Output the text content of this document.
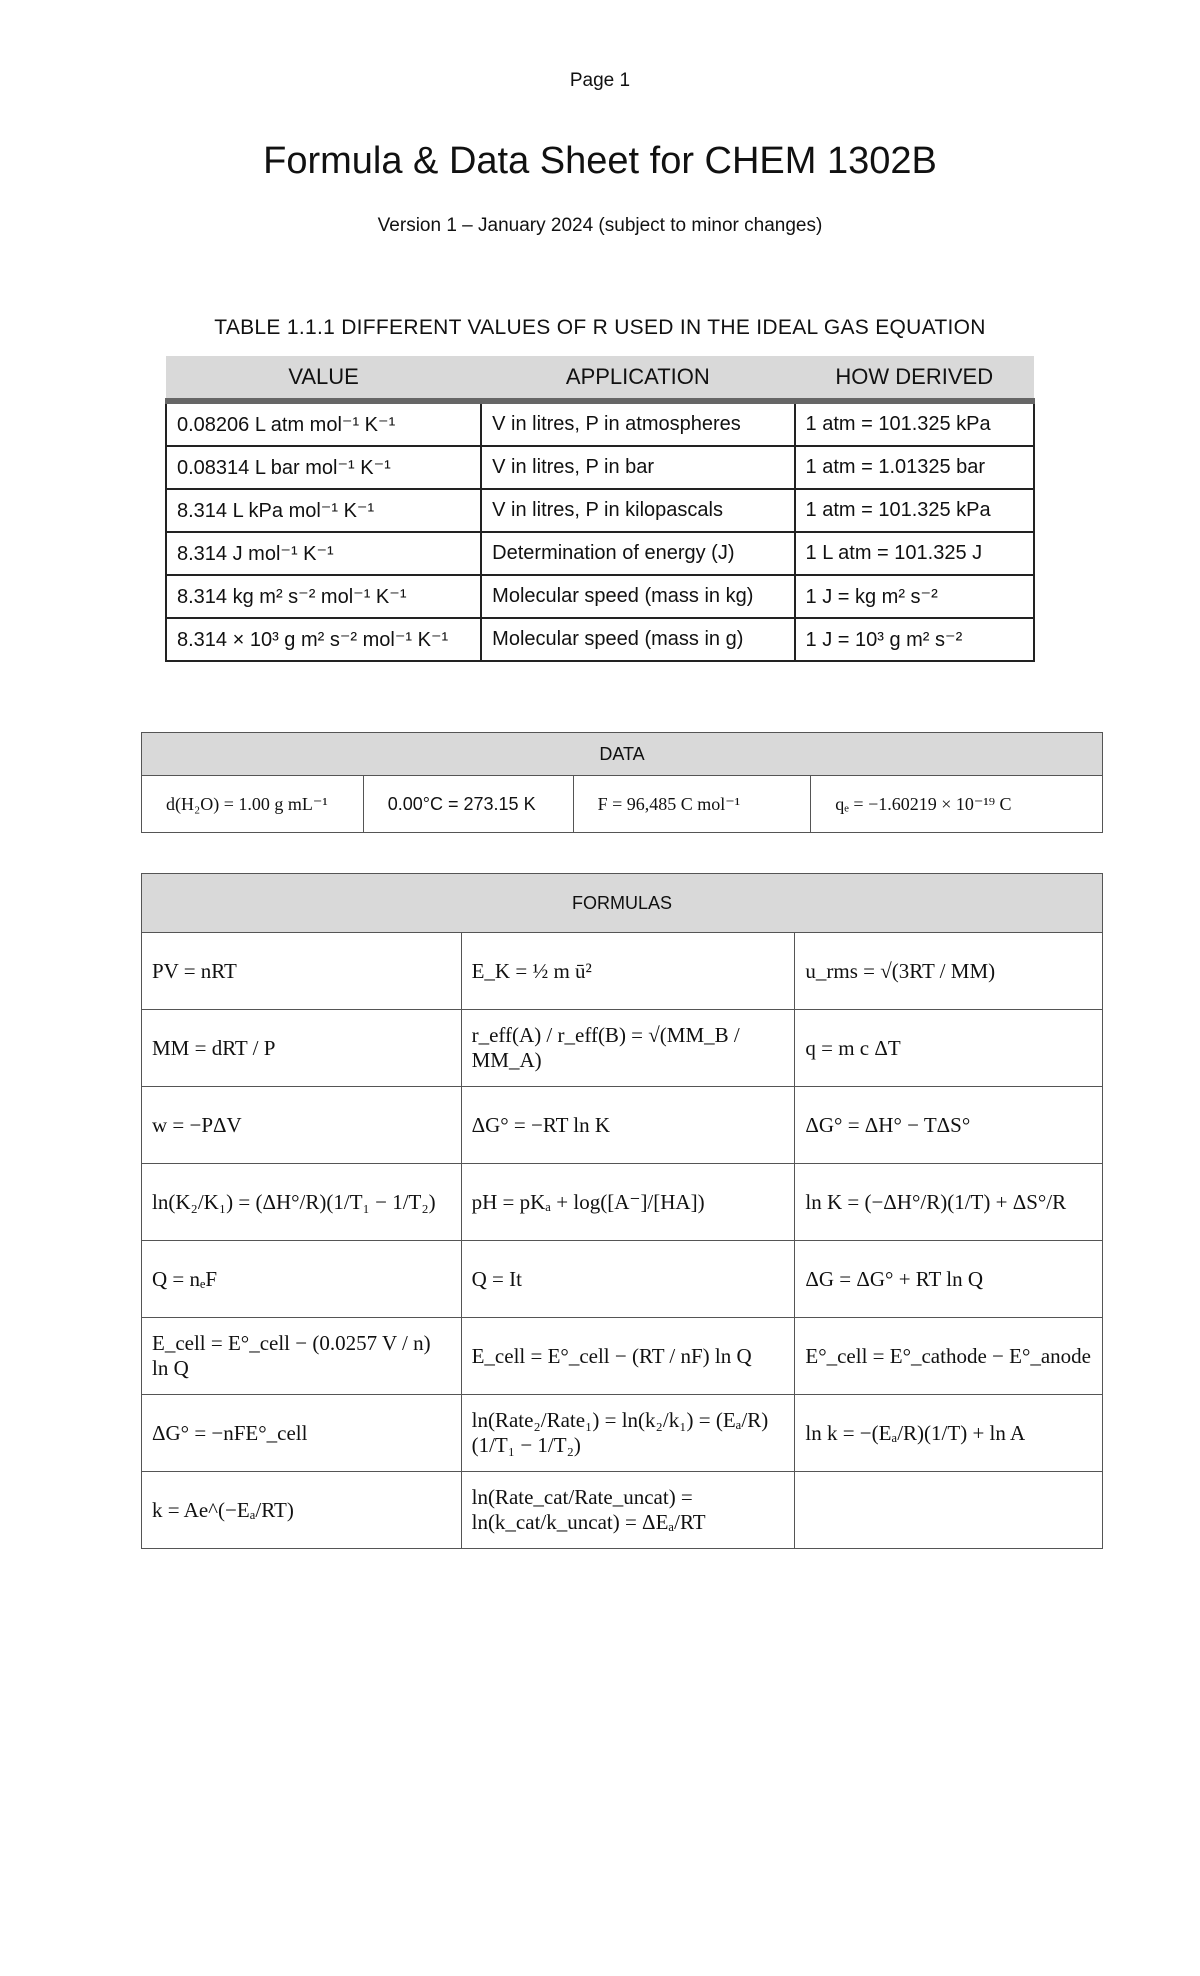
Page 1
Formula & Data Sheet for CHEM 1302B
Version 1 – January 2024 (subject to minor changes)
TABLE 1.1.1 DIFFERENT VALUES OF R USED IN THE IDEAL GAS EQUATION
VALUE	APPLICATION	HOW DERIVED
0.08206 L atm mol⁻¹ K⁻¹	V in litres, P in atmospheres	1 atm = 101.325 kPa
0.08314 L bar mol⁻¹ K⁻¹	V in litres, P in bar	1 atm = 1.01325 bar
8.314 L kPa mol⁻¹ K⁻¹	V in litres, P in kilopascals	1 atm = 101.325 kPa
8.314 J mol⁻¹ K⁻¹	Determination of energy (J)	1 L atm = 101.325 J
8.314 kg m² s⁻² mol⁻¹ K⁻¹	Molecular speed (mass in kg)	1 J = kg m² s⁻²
8.314 × 10³ g m² s⁻² mol⁻¹ K⁻¹	Molecular speed (mass in g)	1 J = 10³ g m² s⁻²
DATA
d(H₂O) = 1.00 g mL⁻¹	0.00°C = 273.15 K	F = 96,485 C mol⁻¹	qₑ = −1.60219 × 10⁻¹⁹ C
FORMULAS		
PV = nRT	E_K = ½ m ū²	u_rms = √(3RT / MM)
MM = dRT / P	r_eff(A) / r_eff(B) = √(MM_B / MM_A)	q = m c ΔT
w = −PΔV	ΔG° = −RT ln K	ΔG° = ΔH° − TΔS°
ln(K₂/K₁) = (ΔH°/R)(1/T₁ − 1/T₂)	pH = pKₐ + log([A⁻]/[HA])	ln K = (−ΔH°/R)(1/T) + ΔS°/R
Q = nₑF	Q = It	ΔG = ΔG° + RT ln Q
E_cell = E°_cell − (0.0257 V / n) ln Q	E_cell = E°_cell − (RT / nF) ln Q	E°_cell = E°_cathode − E°_anode
ΔG° = −nFE°_cell	ln(Rate₂/Rate₁) = ln(k₂/k₁) = (Eₐ/R)(1/T₁ − 1/T₂)	ln k = −(Eₐ/R)(1/T) + ln A
k = Ae^(−Eₐ/RT)	ln(Rate_cat/Rate_uncat) = ln(k_cat/k_uncat) = ΔEₐ/RT	
